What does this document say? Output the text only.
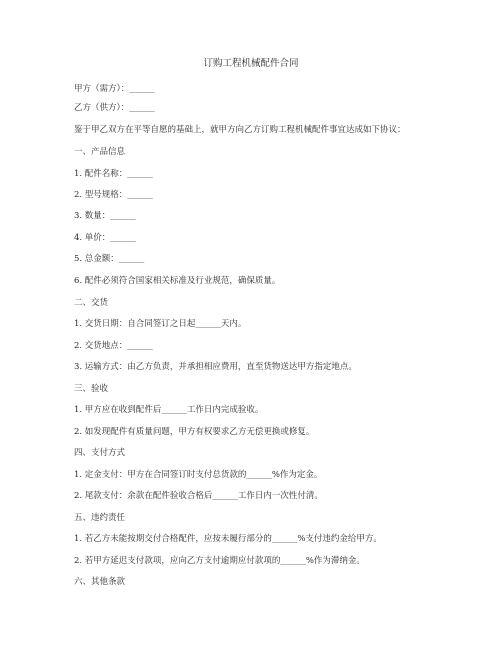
订购工程机械配件合同
甲方（需方）：______
乙方（供方）：______
鉴于甲乙双方在平等自愿的基础上，就甲方向乙方订购工程机械配件事宜达成如下协议：
一、产品信息
1. 配件名称：______
2. 型号规格：______
3. 数量：______
4. 单价：______
5. 总金额：______
6. 配件必须符合国家相关标准及行业规范，确保质量。
二、交货
1. 交货日期：自合同签订之日起______天内。
2. 交货地点：______
3. 运输方式：由乙方负责，并承担相应费用，直至货物送达甲方指定地点。
三、验收
1. 甲方应在收到配件后______工作日内完成验收。
2. 如发现配件有质量问题，甲方有权要求乙方无偿更换或修复。
四、支付方式
1. 定金支付：甲方在合同签订时支付总货款的______%作为定金。
2. 尾款支付：余款在配件验收合格后______工作日内一次性付清。
五、违约责任
1. 若乙方未能按期交付合格配件，应按未履行部分的______%支付违约金给甲方。
2. 若甲方延迟支付款项，应向乙方支付逾期应付款项的______%作为滞纳金。
六、其他条款
